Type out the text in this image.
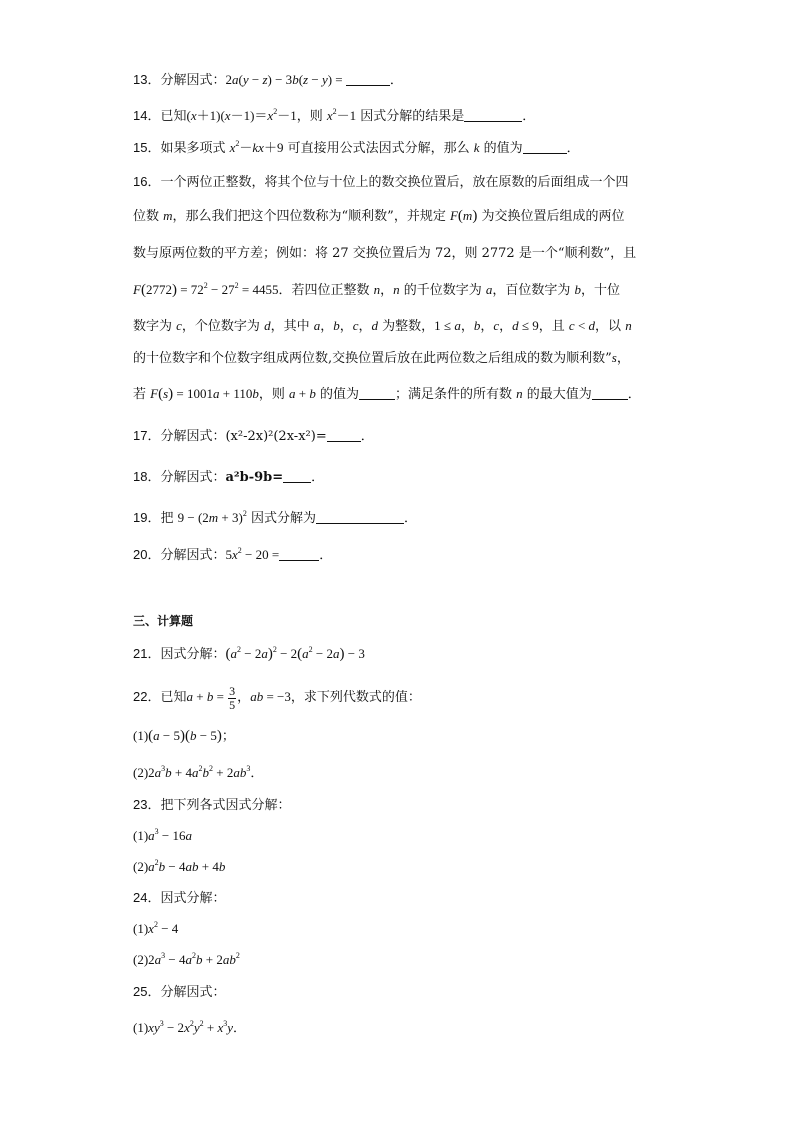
13．分解因式：2a(y − z) − 3b(z − y) =	．
14．已知$(x+1)(x-1)=x^2-1$，则 $x^2-1$ 因式分解的结果是	．
15．如果多项式 $x^2-kx+9$ 可直接用公式法因式分解，那么 k 的值为	．
16．一个两位正整数，将其个位与十位上的数交换位置后，放在原数的后面组成一个四
位数 m，那么我们把这个四位数称为“顺利数”，并规定 F(m) 为交换位置后组成的两位
数与原两位数的平方差；例如：将 27 交换位置后为 72，则 2772 是一个“顺利数”，且
$F(2772) = 72^2 - 27^2 = 4455$．若四位正整数 n，n 的千位数字为 a，百位数字为 b，十位
数字为 c，个位数字为 d，其中 a，b，c，d 为整数，1 ≤ a，b，c，d ≤ 9，且 c < d，以 n
的十位数字和个位数字组成两位数,交换位置后放在此两位数之后组成的数为顺利数”s，
若 F(s) = 1001a + 110b，则 a + b 的值为	；满足条件的所有数 n 的最大值为	．
17．分解因式：(x²-2x)²(2x-x²)=	．
18．分解因式：a²b-9b= ．
19．把 $9 - (2m + 3)^2$ 因式分解为	．
20．分解因式：$5x^2 - 20$ =	．
三、计算题
21．因式分解：$(a^2 - 2a)^2 - 2(a^2 - 2a) - 3$
22．已知$a + b = \frac{3}{5}$ ，ab = −3，求下列代数式的值：
(1)(a − 5)(b − 5)；
$(2)2a^3b + 4a^2b^2 + 2ab^3$．
23．把下列各式因式分解：
$(1)a^3 - 16a$
$(2)a^2b - 4ab + 4b$
24．因式分解：
$(1)x^2 - 4$
$(2)2a^3 - 4a^2b + 2ab^2$
25．分解因式：
$(1)xy^3 - 2x^2y^2 + x^3y$．
